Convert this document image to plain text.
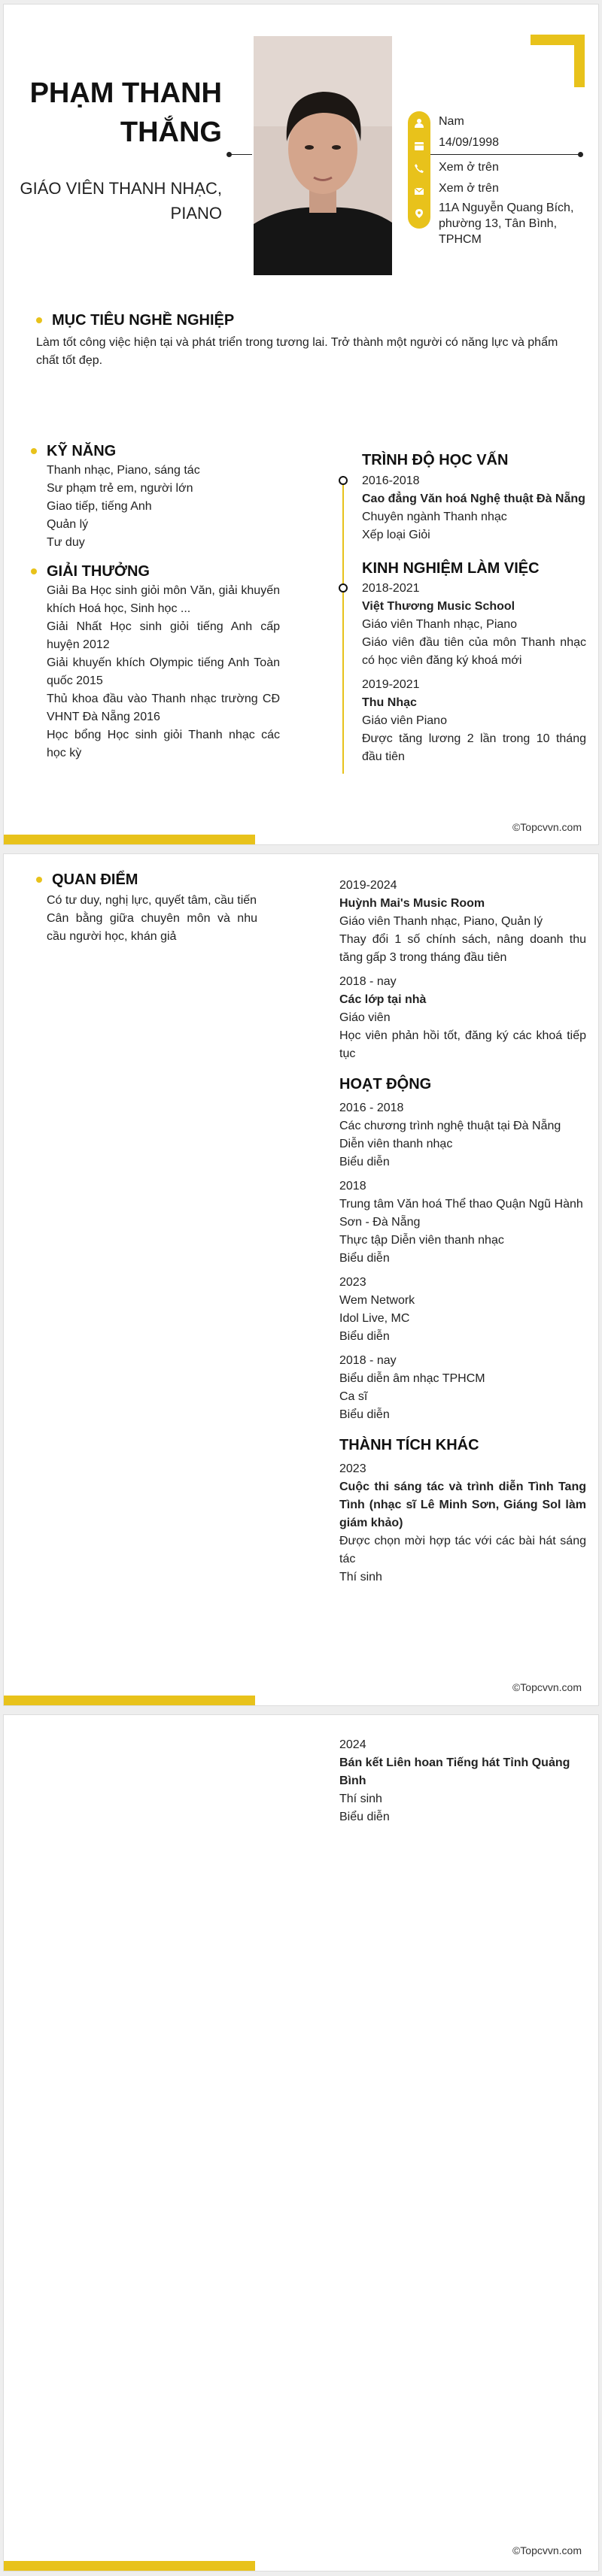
PHẠM THANH THẮNG
GIÁO VIÊN THANH NHẠC, PIANO
Nam
14/09/1998
Xem ở trên
Xem ở trên
11A Nguyễn Quang Bích, phường 13, Tân Bình, TPHCM
MỤC TIÊU NGHỀ NGHIỆP
Làm tốt công việc hiện tại và phát triển trong tương lai. Trở thành một người có năng lực và phẩm chất tốt đẹp.
KỸ NĂNG
Thanh nhạc, Piano, sáng tác
Sư phạm trẻ em, người lớn
Giao tiếp, tiếng Anh
Quản lý
Tư duy
GIẢI THƯỞNG
Giải Ba Học sinh giỏi môn Văn, giải khuyến khích Hoá học, Sinh học ...
Giải Nhất Học sinh giỏi tiếng Anh cấp huyện 2012
Giải khuyến khích Olympic tiếng Anh Toàn quốc 2015
Thủ khoa đầu vào Thanh nhạc trường CĐ VHNT Đà Nẵng 2016
Học bổng Học sinh giỏi Thanh nhạc các học kỳ
TRÌNH ĐỘ HỌC VẤN
2016-2018
Cao đẳng Văn hoá Nghệ thuật Đà Nẵng
Chuyên ngành Thanh nhạc
Xếp loại Giỏi
KINH NGHIỆM LÀM VIỆC
2018-2021
Việt Thương Music School
Giáo viên Thanh nhạc, Piano
Giáo viên đầu tiên của môn Thanh nhạc có học viên đăng ký khoá mới
2019-2021
Thu Nhạc
Giáo viên Piano
Được tăng lương 2 lần trong 10 tháng đầu tiên
©Topcvvn.com
QUAN ĐIỂM
Có tư duy, nghị lực, quyết tâm, cầu tiến
Cân bằng giữa chuyên môn và nhu cầu người học, khán giả
2019-2024
Huỳnh Mai's Music Room
Giáo viên Thanh nhạc, Piano, Quản lý
Thay đổi 1 số chính sách, nâng doanh thu tăng gấp 3 trong tháng đầu tiên
2018 - nay
Các lớp tại nhà
Giáo viên
Học viên phản hồi tốt, đăng ký các khoá tiếp tục
HOẠT ĐỘNG
2016 - 2018
Các chương trình nghệ thuật tại Đà Nẵng
Diễn viên thanh nhạc
Biểu diễn
2018
Trung tâm Văn hoá Thể thao Quận Ngũ Hành Sơn - Đà Nẵng
Thực tập Diễn viên thanh nhạc
Biểu diễn
2023
Wem Network
Idol Live, MC
Biểu diễn
2018 - nay
Biểu diễn âm nhạc TPHCM
Ca sĩ
Biểu diễn
THÀNH TÍCH KHÁC
2023
Cuộc thi sáng tác và trình diễn Tình Tang Tình (nhạc sĩ Lê Minh Sơn, Giáng Sol làm giám khảo)
Được chọn mời hợp tác với các bài hát sáng tác
Thí sinh
©Topcvvn.com
2024
Bán kết Liên hoan Tiếng hát Tỉnh Quảng Bình
Thí sinh
Biểu diễn
©Topcvvn.com
